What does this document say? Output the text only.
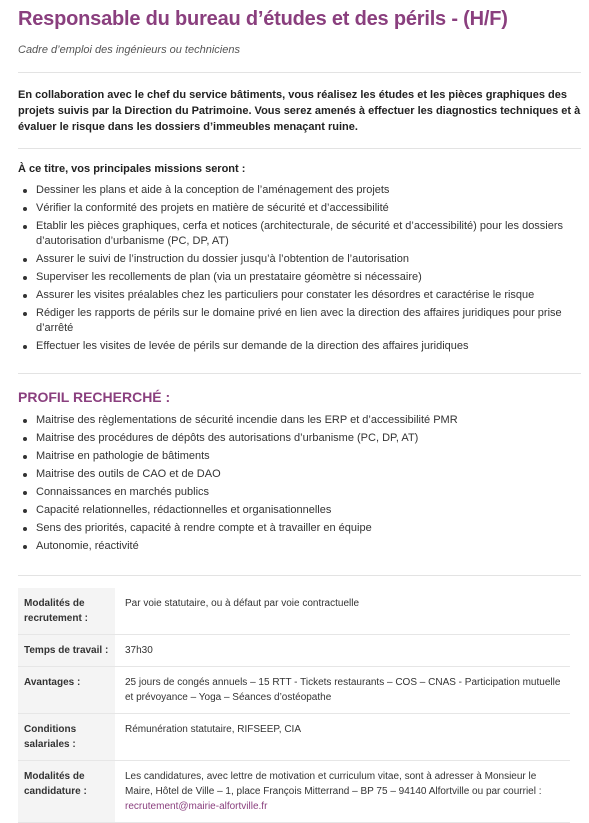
Responsable du bureau d’études et des périls - (H/F)

Cadre d’emploi des ingénieurs ou techniciens

En collaboration avec le chef du service bâtiments, vous réalisez les études et les pièces graphiques des projets suivis par la Direction du Patrimoine. Vous serez amenés à effectuer les diagnostics techniques et à évaluer le risque dans les dossiers d’immeubles menaçant ruine.

À ce titre, vos principales missions seront :

Dessiner les plans et aide à la conception de l’aménagement des projets
Vérifier la conformité des projets en matière de sécurité et d’accessibilité
Etablir les pièces graphiques, cerfa et notices (architecturale, de sécurité et d’accessibilité) pour les dossiers d’autorisation d’urbanisme (PC, DP, AT)
Assurer le suivi de l’instruction du dossier jusqu’à l’obtention de l’autorisation
Superviser les recollements de plan (via un prestataire géomètre si nécessaire)
Assurer les visites préalables chez les particuliers pour constater les désordres et caractérise le risque
Rédiger les rapports de périls sur le domaine privé en lien avec la direction des affaires juridiques pour prise d’arrêté
Effectuer les visites de levée de périls sur demande de la direction des affaires juridiques
PROFIL RECHERCHÉ :
Maitrise des règlementations de sécurité incendie dans les ERP et d’accessibilité PMR
Maitrise des procédures de dépôts des autorisations d’urbanisme (PC, DP, AT)
Maitrise en pathologie de bâtiments
Maitrise des outils de CAO et de DAO
Connaissances en marchés publics
Capacité relationnelles, rédactionnelles et organisationnelles
Sens des priorités, capacité à rendre compte et à travailler en équipe
Autonomie, réactivité
Modalités de recrutement :	Par voie statutaire, ou à défaut par voie contractuelle
Temps de travail :	37h30
Avantages :	25 jours de congés annuels – 15 RTT - Tickets restaurants – COS – CNAS - Participation mutuelle et prévoyance – Yoga – Séances d’ostéopathe
Conditions salariales :	Rémunération statutaire, RIFSEEP, CIA
Modalités de candidature :	Les candidatures, avec lettre de motivation et curriculum vitae, sont à adresser à Monsieur le Maire, Hôtel de Ville – 1, place François Mitterrand – BP 75 – 94140 Alfortville ou par courriel : recrutement@mairie-alfortville.fr
